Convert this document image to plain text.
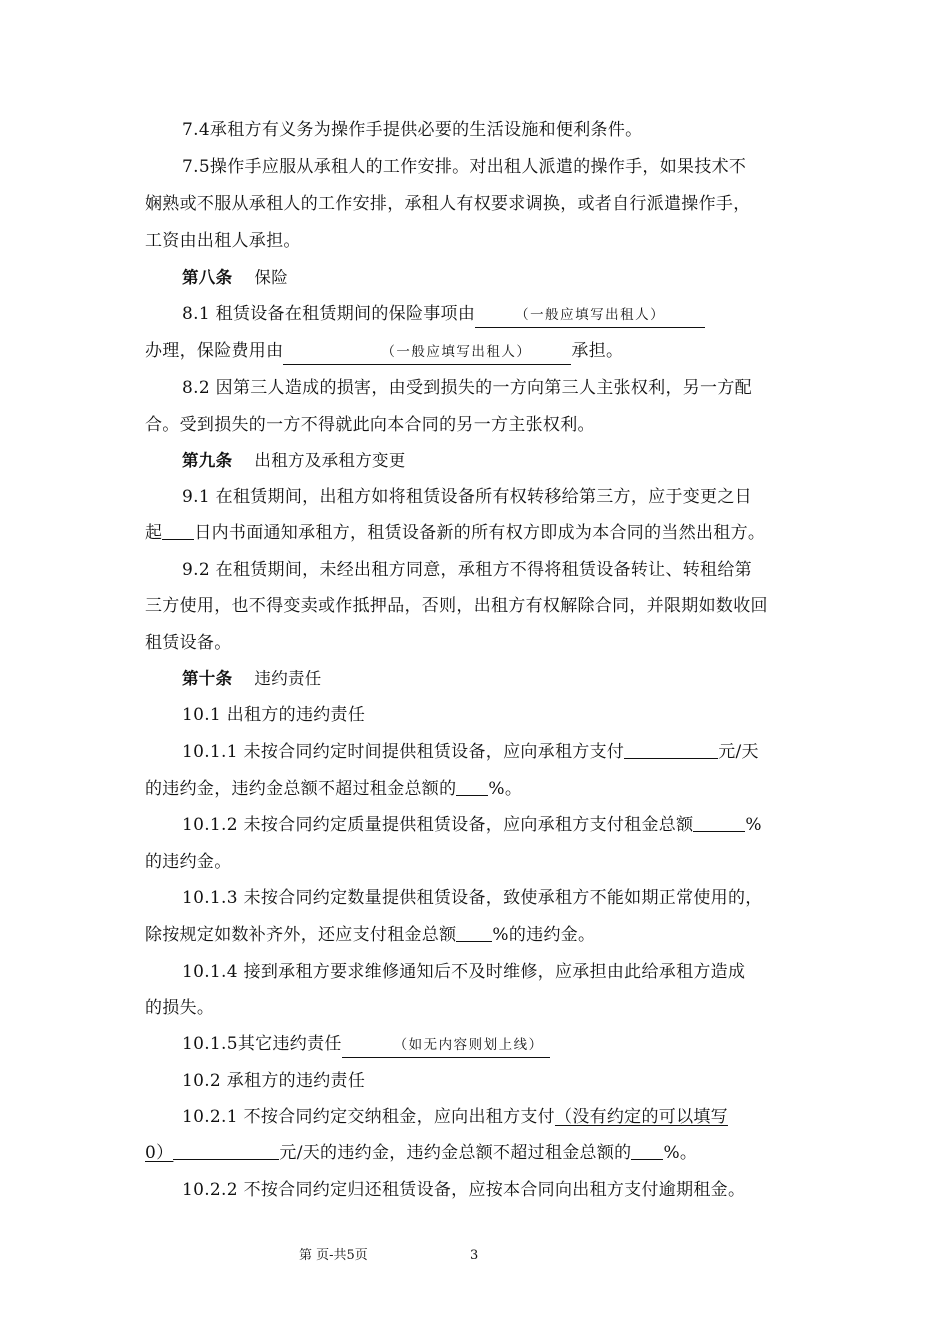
7.4承租方有义务为操作手提供必要的生活设施和便利条件。
7.5操作手应服从承租人的工作安排。对出租人派遣的操作手，如果技术不
娴熟或不服从承租人的工作安排，承租人有权要求调换，或者自行派遣操作手，
工资由出租人承担。
第八条 保险
8.1 租赁设备在租赁期间的保险事项由	（一般应填写出租人）
办理，保险费用由	（一般应填写出租人） 承担。
8.2 因第三人造成的损害，由受到损失的一方向第三人主张权利，另一方配
合。受到损失的一方不得就此向本合同的另一方主张权利。
第九条 出租方及承租方变更
9.1 在租赁期间，出租方如将租赁设备所有权转移给第三方，应于变更之日
起 日内书面通知承租方，租赁设备新的所有权方即成为本合同的当然出租方。
9.2 在租赁期间，未经出租方同意，承租方不得将租赁设备转让、转租给第
三方使用，也不得变卖或作抵押品，否则，出租方有权解除合同，并限期如数收回
租赁设备。
第十条 违约责任
10.1 出租方的违约责任
10.1.1 未按合同约定时间提供租赁设备，应向承租方支付	元/天
的违约金，违约金总额不超过租金总额的 %。
10.1.2 未按合同约定质量提供租赁设备，应向承租方支付租金总额	%
的违约金。
10.1.3 未按合同约定数量提供租赁设备，致使承租方不能如期正常使用的，
除按规定如数补齐外，还应支付租金总额 %的违约金。
10.1.4 接到承租方要求维修通知后不及时维修，应承担由此给承租方造成
的损失。
10.1.5其它违约责任	（如无内容则划上线）
10.2 承租方的违约责任
10.2.1 不按合同约定交纳租金，应向出租方支付（没有约定的可以填写
0）	元/天的违约金，违约金总额不超过租金总额的 %。
10.2.2 不按合同约定归还租赁设备，应按本合同向出租方支付逾期租金。
第 页-共5页	3
